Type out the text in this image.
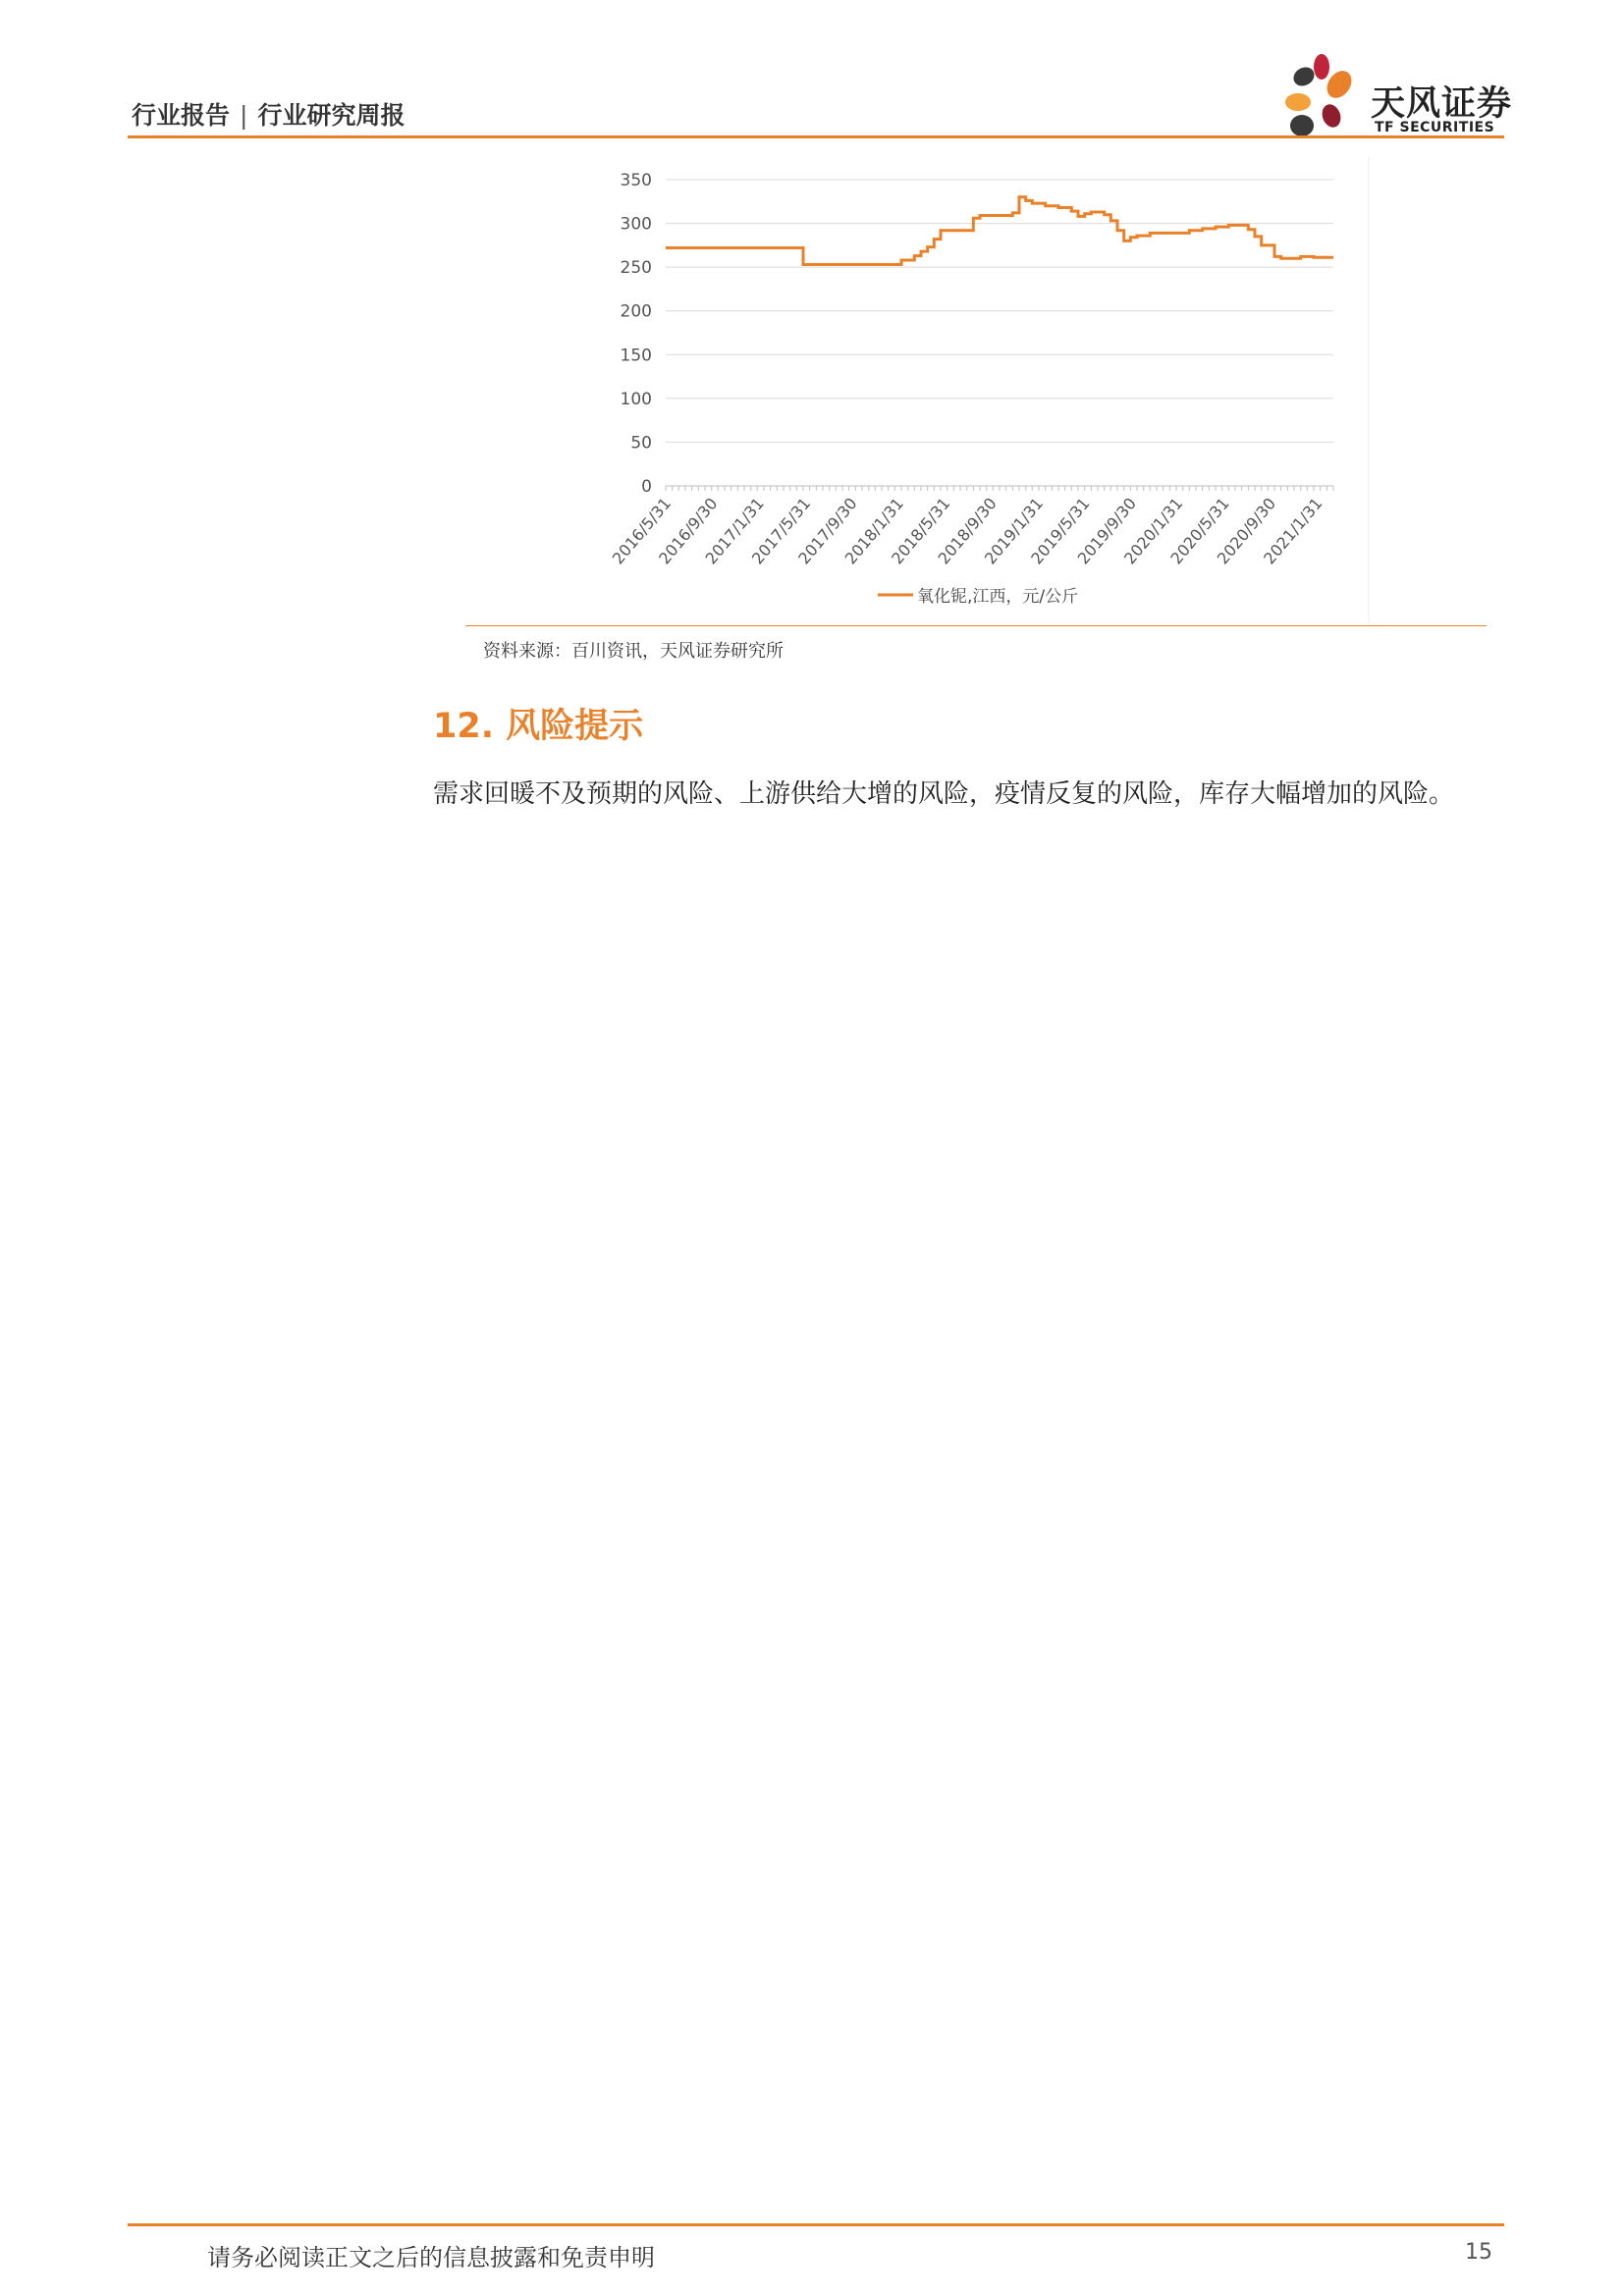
行业报告 | 行业研究周报	天风证券
TF SECURITIES
0
50
100
150
200
250
300
350
2016/5/31
2016/9/30
2017/1/31
2017/5/31
2017/9/30
2018/1/31
2018/5/31
2018/9/30
2019/1/31
2019/5/31
2019/9/30
2020/1/31
2020/5/31
2020/9/30
2021/1/31
氧化铌,江西，元/公斤
资料来源：百川资讯，天风证券研究所
12. 风险提示
需求回暖不及预期的风险、上游供给大增的风险，疫情反复的风险，库存大幅增加的风险。
请务必阅读正文之后的信息披露和免责申明	15
